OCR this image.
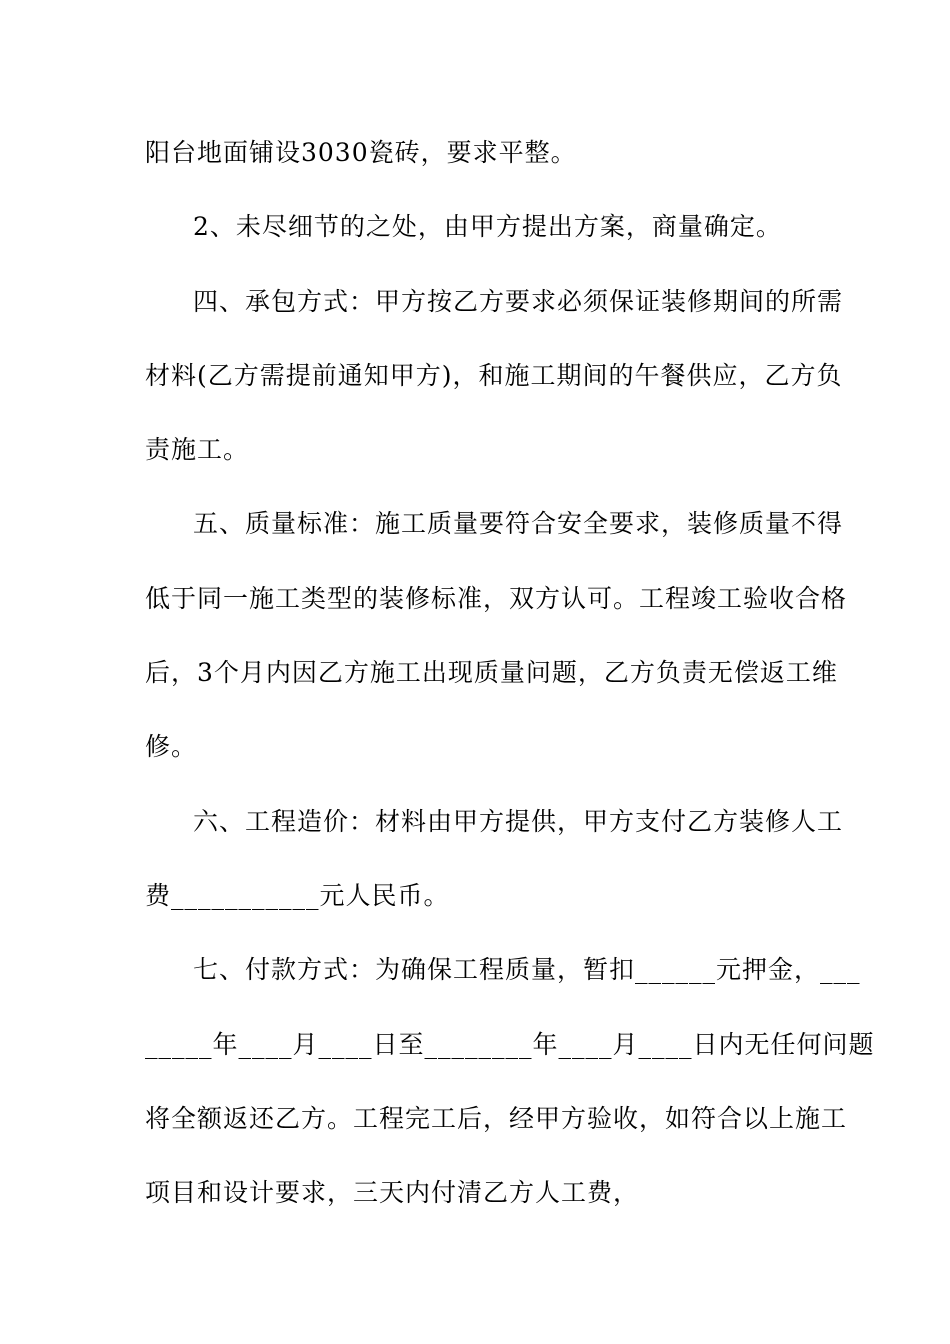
阳台地面铺设3030瓷砖，要求平整。
2、未尽细节的之处，由甲方提出方案，商量确定。
四、承包方式：甲方按乙方要求必须保证装修期间的所需
材料(乙方需提前通知甲方)，和施工期间的午餐供应，乙方负
责施工。
五、质量标准：施工质量要符合安全要求，装修质量不得
低于同一施工类型的装修标准，双方认可。工程竣工验收合格
后，3个月内因乙方施工出现质量问题，乙方负责无偿返工维
修。
六、工程造价：材料由甲方提供，甲方支付乙方装修人工
费___________元人民币。
七、付款方式：为确保工程质量，暂扣______元押金，___
_____年____月____日至________年____月____日内无任何问题
将全额返还乙方。工程完工后，经甲方验收，如符合以上施工
项目和设计要求，三天内付清乙方人工费，
